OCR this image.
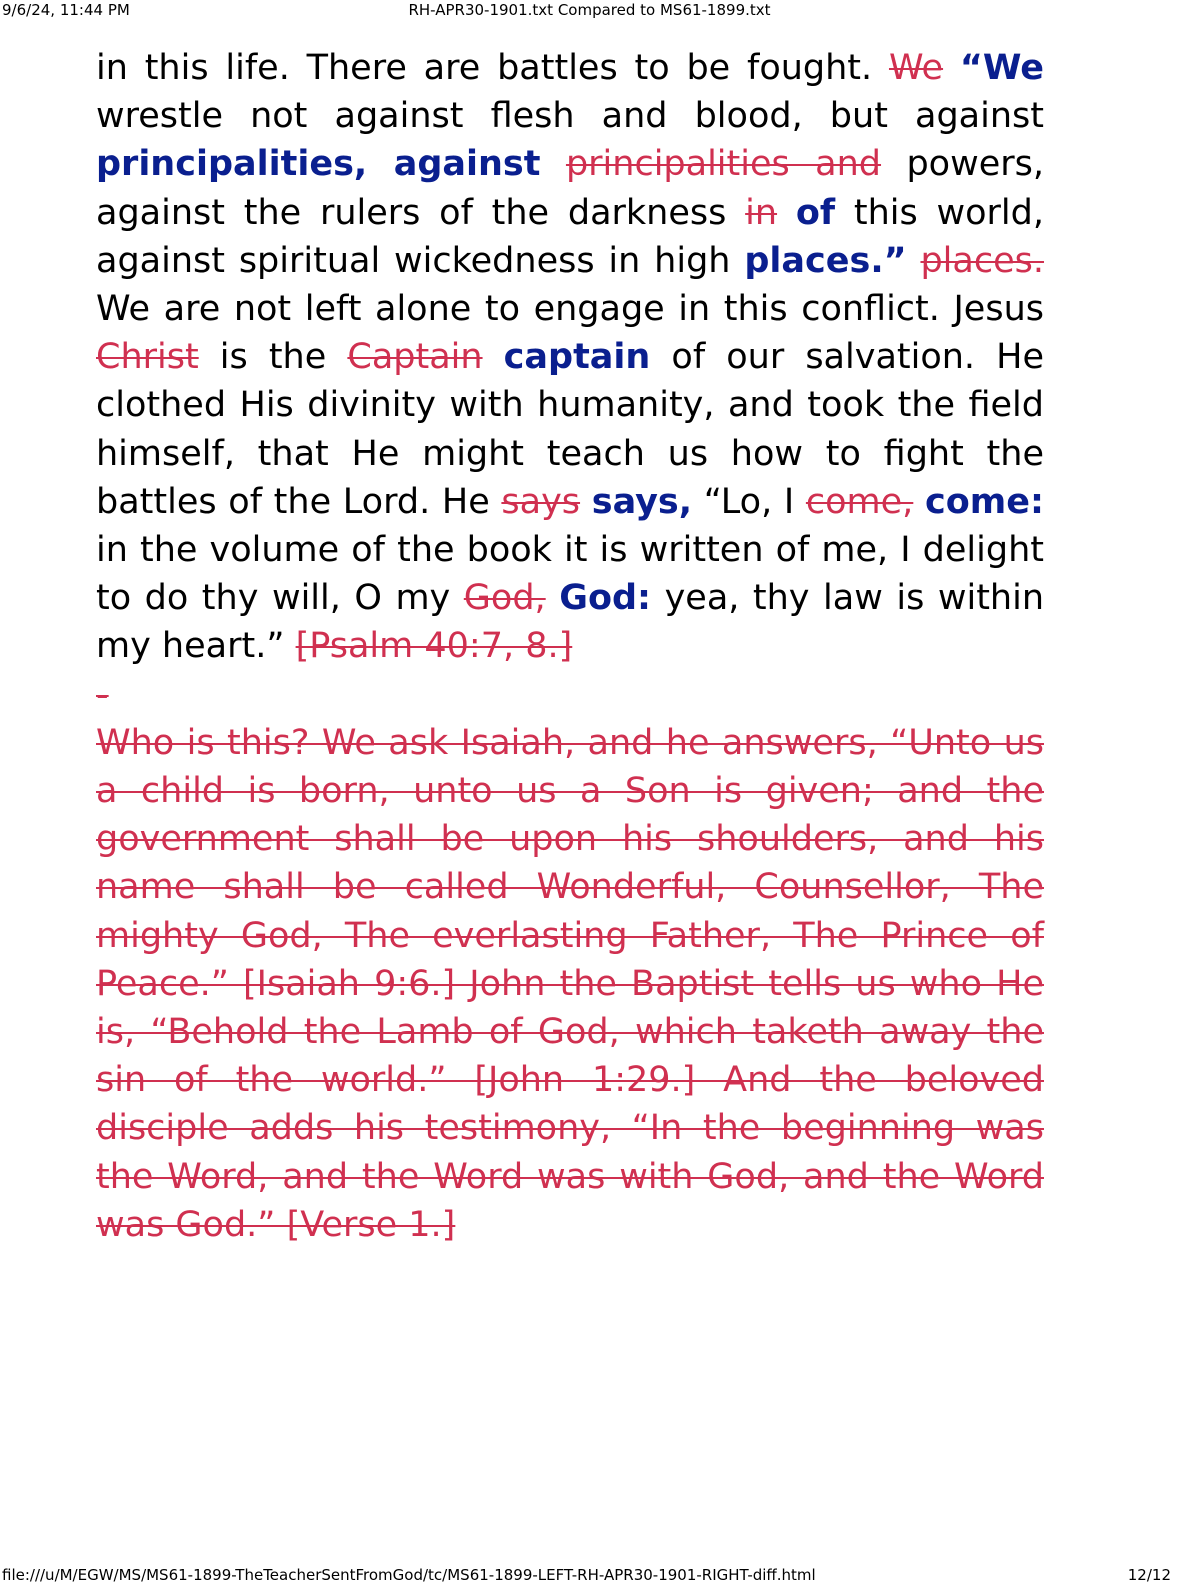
9/6/24, 11:44 PM	RH-APR30-1901.txt Compared to MS61-1899.txt

in this life. There are battles to be fought. We “We wrestle not against flesh and blood, but against principalities, against principalities and powers, against the rulers of the darkness in of this world, against spiritual wickedness in high places.” places. We are not left alone to engage in this conflict. Jesus Christ is the Captain captain of our salvation. He clothed His divinity with humanity, and took the field himself, that He might teach us how to fight the battles of the Lord. He says says, “Lo, I come, come: in the volume of the book it is written of me, I delight to do thy will, O my God, God: yea, thy law is within my heart.” [Psalm 40:7, 8.]

-

Who is this? We ask Isaiah, and he answers, “Unto us a child is born, unto us a Son is given; and the government shall be upon his shoulders, and his name shall be called Wonderful, Counsellor, The mighty God, The everlasting Father, The Prince of Peace.” [Isaiah 9:6.] John the Baptist tells us who He is, “Behold the Lamb of God, which taketh away the sin of the world.” [John 1:29.] And the beloved disciple adds his testimony, “In the beginning was the Word, and the Word was with God, and the Word was God.” [Verse 1.]

file:///u/M/EGW/MS/MS61-1899-TheTeacherSentFromGod/tc/MS61-1899-LEFT-RH-APR30-1901-RIGHT-diff.html	12/12
